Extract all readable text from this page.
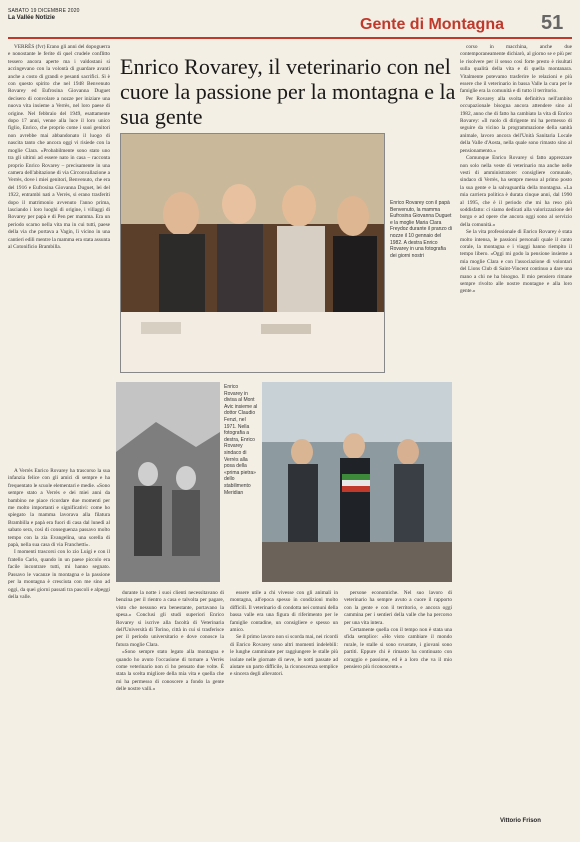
SABATO 19 DICEMBRE 2020
La Vallée Notizie	Gente di Montagna 51
Enrico Rovarey, il veterinario con nel cuore la passione per la montagna e la sua gente

VERRÈS (fvr) Erano gli anni del dopoguerra e nonostante le ferite di quel crudele conflitto tessero ancora aperte ma i valdostani si accingevano con la volontà di guardare avanti anche a costo di grandi e pesanti sacrifici. Sì è con questo spirito che nel 1948 Benvenuto Rovarey ed Eufrosina Giovanna Duguet decisero di convolare a nozze per iniziare una nuova vita insieme a Verrès, nel loro paese di origine. Nel febbraio del 1949, esattamente dopo 17 anni, venne alla luce il loro unico figlio, Enrico, che proprio come i suoi genitori non avrebbe mai abbandonato il luogo di nascita tanto che ancora oggi vi risiede con la moglie Clara. «Probabilmente sono stato uno tra gli ultimi ad essere nato in casa – racconta proprio Enrico Rovarey – precisamente in una camera dell'abitazione di via Circonvallazione a Verrès, dove i miei genitori, Benvenuto, che era del 1916 e Eufrosina Giovanna Duguet, lei del 1922, entrambi nati a Verrès, si erano trasferiti dopo il matrimonio avvenuto l'anno prima, lasciando i loro luoghi di origine, i villaggi di Rovarey per papà e di Pen per mamma. Era un periodo scarno nella vita ma in cui tutti, paese della via che portava a Vagin, lì vicino in una cantieri edili mentre la mamma era stata assunta al Cotonificio Brambilla.

A Verrès Enrico Rovarey ha trascorso la sua infanzia felice con gli amici di sempre e ha frequentato le scuole elementari e medie. «Sono sempre stato a Verrès e dei miei anni da bambino ne piace ricordare due momenti per me molto importanti e significativi: come ho spiegato la mamma lavorava alla filatura Brambilla e papà era fuori di casa dal lunedì al sabato sera, così di conseguenza passavo molto tempo con la zia Evangelina, una sorella di papà, nella sua casa di via Franchetti».

I momenti trascorsi con lo zio Luigi e con il fratello Carlo, quando in un paese piccolo era facile incontrare tutti, mi hanno segnato. Passavo le vacanze in montagna e la passione per la montagna è cresciuta con me sino ad oggi, da quei giorni passati tra pascoli e alpeggi della valle.

Enrico Rovarey con il papà Benvenuto, la mamma Eufrosina Giovanna Duguet e la moglie Maria Clara Freydoz durante il pranzo di nozze il 10 gennaio del 1982. A destra Enrico Rovarey in una fotografia dei giorni nostri

Enrico Rovarey in divisa al Mont Avic insieme al dottor Claudio Fenzi, nel 1971. Nella fotografia a destra, Enrico Rovarey sindaco di Verrès alla posa della «prima pietra» dello stabilimento Meridian

durante la notte i suoi clienti necessitavano di benzina per il rientro a casa e talvolta per pagare, visto che nessuno era benestante, portavano la spesa.» Conclusi gli studi superiori Enrico Rovarey si iscrive alla facoltà di Veterinaria dell'Università di Torino, città in cui si trasferisce per il periodo universitario e dove conosce la futura moglie Clara.

«Sono sempre stato legato alla montagna e quando ho avuto l'occasione di tornare a Verrès come veterinario non ci ho pensato due volte. È stata la scelta migliore della mia vita e quella che mi ha permesso di conoscere a fondo la gente delle nostre valli.»

essere utile a chi vivesse con gli animali in montagna, all'epoca spesso in condizioni molto difficili. Il veterinario di condotta nei comuni della bassa valle era una figura di riferimento per le famiglie contadine, un consigliere e spesso un amico.

Se il primo lavoro non si scorda mai, nei ricordi di Enrico Rovarey sono altri momenti indelebili: le lunghe camminate per raggiungere le stalle più isolate nelle giornate di neve, le notti passate ad aiutare un parto difficile, la riconoscenza semplice e sincera degli allevatori.

persone economiche. Nel suo lavoro di veterinario ha sempre avuto a cuore il rapporto con la gente e con il territorio, e ancora oggi cammina per i sentieri della valle che ha percorso per una vita intera.

Certamente quella con il tempo non è stata una sfida semplice: «Ho visto cambiare il mondo rurale, le stalle si sono svuotate, i giovani sono partiti. Eppure chi è rimasto ha continuato con coraggio e passione, ed è a loro che va il mio pensiero più riconoscente.»

corso in macchina, anche due contemporaneamente dichiarò, al giorno se e più per le risolvere per il senso così forte presto è risultati sulla qualità della vita e di quella montanara. Vitalmente potevamo trasferire le relazioni e più essere che il veterinario in bassa Valle la cura per le famiglie era la comunità e di tutto il territorio.

Per Rovarey alla svolta definitiva nell'ambito occupazionale bisogna ancora attendere sino al 1982, anno che di fatto ha cambiato la vita di Enrico Rovarey: «Il ruolo di dirigente mi ha permesso di seguire da vicino la programmazione della sanità animale, lavoro ancora dell'Unità Sanitaria Locale della Valle d'Aosta, nella quale sono rimasto sino al pensionamento.»

Comunque Enrico Rovarey si fatto apprezzare non solo nella veste di veterinario ma anche nelle vesti di amministratore: consigliere comunale, sindaco di Verrès, ha sempre messo al primo posto la sua gente e la salvaguardia della montagna. «La mia carriera politica è durata cinque anni, dal 1990 al 1995, che è il periodo che mi ha reso più soddisfatto: ci siamo dedicati alla valorizzazione del borgo e ad opere che ancora oggi sono al servizio della comunità.»

Se la vita professionale di Enrico Rovarey è stata molto intensa, le passioni personali quale il canto corale, la montagna e i viaggi hanno riempito il tempo libero. «Oggi mi godo la pensione insieme a mia moglie Clara e con l'associazione di volontari del Lions Club di Saint-Vincent continuo a dare una mano a chi ne ha bisogno. Il mio pensiero rimane sempre rivolto alle nostre montagne e alla loro gente.»

Vittorio Frison
